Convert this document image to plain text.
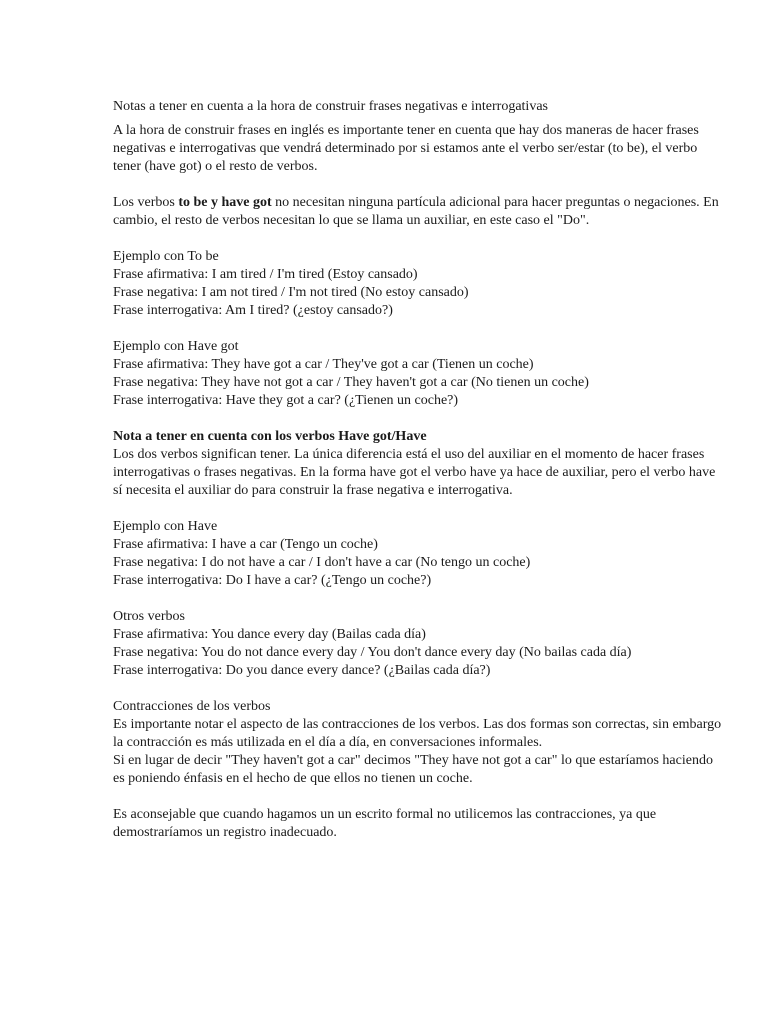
Notas a tener en cuenta a la hora de construir frases negativas e interrogativas

A la hora de construir frases en inglés es importante tener en cuenta que hay dos maneras de hacer frases negativas e interrogativas que vendrá determinado por si estamos ante el verbo ser/estar (to be), el verbo tener (have got) o el resto de verbos.

Los verbos to be y have got no necesitan ninguna partícula adicional para hacer preguntas o negaciones. En cambio, el resto de verbos necesitan lo que se llama un auxiliar, en este caso el "Do".

Ejemplo con To be
Frase afirmativa: I am tired / I'm tired (Estoy cansado)
Frase negativa: I am not tired / I'm not tired (No estoy cansado)
Frase interrogativa: Am I tired? (¿estoy cansado?)
Ejemplo con Have got
Frase afirmativa: They have got a car / They've got a car (Tienen un coche)
Frase negativa: They have not got a car / They haven't got a car (No tienen un coche)
Frase interrogativa: Have they got a car? (¿Tienen un coche?)
Nota a tener en cuenta con los verbos Have got/Have

Los dos verbos significan tener. La única diferencia está el uso del auxiliar en el momento de hacer frases interrogativas o frases negativas. En la forma have got el verbo have ya hace de auxiliar, pero el verbo have sí necesita el auxiliar do para construir la frase negativa e interrogativa.

Ejemplo con Have
Frase afirmativa: I have a car (Tengo un coche)
Frase negativa: I do not have a car / I don't have a car (No tengo un coche)
Frase interrogativa: Do I have a car? (¿Tengo un coche?)
Otros verbos
Frase afirmativa: You dance every day (Bailas cada día)
Frase negativa: You do not dance every day / You don't dance every day (No bailas cada día)
Frase interrogativa: Do you dance every dance? (¿Bailas cada día?)
Contracciones de los verbos

Es importante notar el aspecto de las contracciones de los verbos. Las dos formas son correctas, sin embargo la contracción es más utilizada en el día a día, en conversaciones informales.

Si en lugar de decir "They haven't got a car" decimos "They have not got a car" lo que estaríamos haciendo es poniendo énfasis en el hecho de que ellos no tienen un coche.

Es aconsejable que cuando hagamos un un escrito formal no utilicemos las contracciones, ya que demostraríamos un registro inadecuado.
